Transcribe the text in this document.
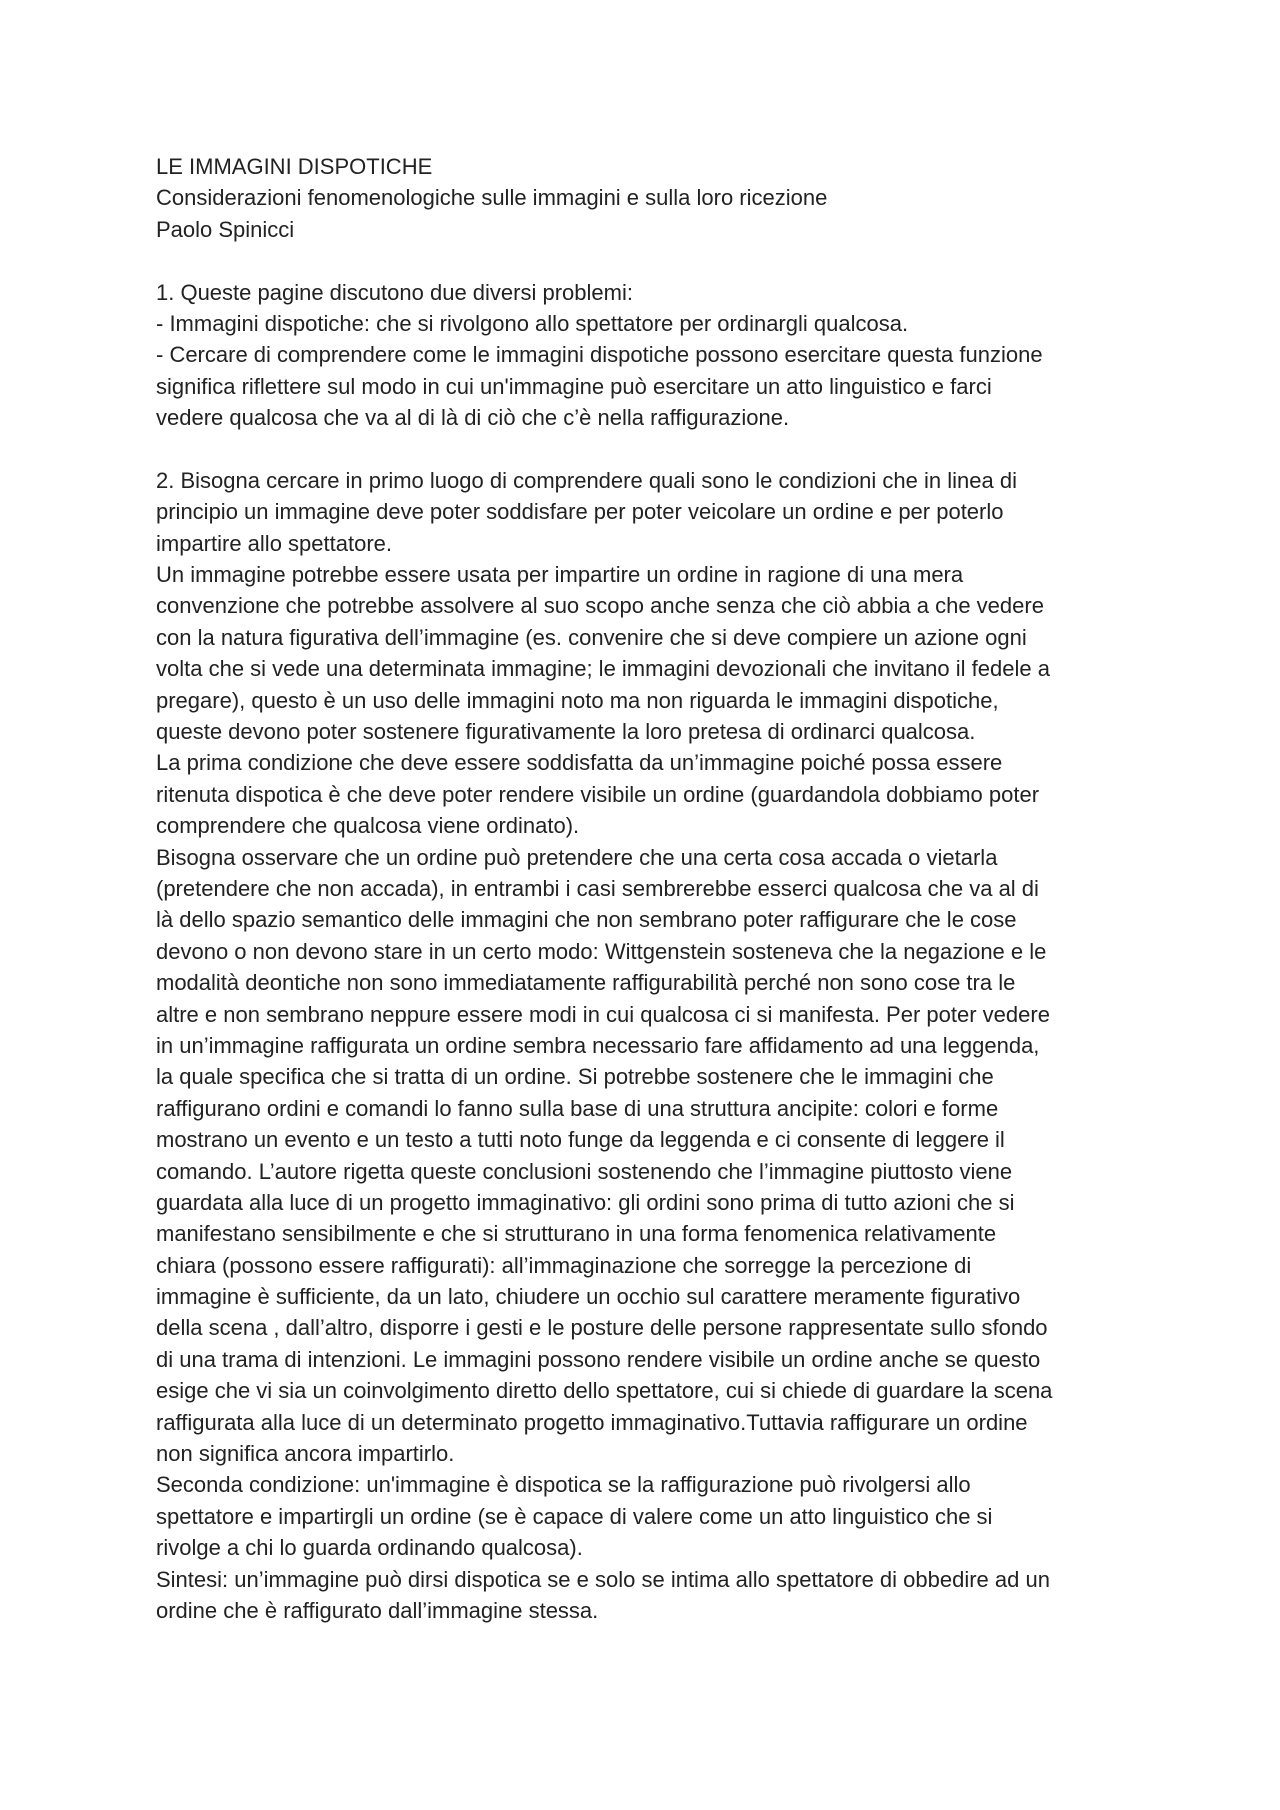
LE IMMAGINI DISPOTICHE
Considerazioni fenomenologiche sulle immagini e sulla loro ricezione
Paolo Spinicci
1. Queste pagine discutono due diversi problemi:
- Immagini dispotiche: che si rivolgono allo spettatore per ordinargli qualcosa.
- Cercare di comprendere come le immagini dispotiche possono esercitare questa funzione
significa riflettere sul modo in cui un'immagine può esercitare un atto linguistico e farci
vedere qualcosa che va al di là di ciò che c’è nella raffigurazione.
2. Bisogna cercare in primo luogo di comprendere quali sono le condizioni che in linea di
principio un immagine deve poter soddisfare per poter veicolare un ordine e per poterlo
impartire allo spettatore.
Un immagine potrebbe essere usata per impartire un ordine in ragione di una mera
convenzione che potrebbe assolvere al suo scopo anche senza che ciò abbia a che vedere
con la natura figurativa dell’immagine (es. convenire che si deve compiere un azione ogni
volta che si vede una determinata immagine; le immagini devozionali che invitano il fedele a
pregare), questo è un uso delle immagini noto ma non riguarda le immagini dispotiche,
queste devono poter sostenere figurativamente la loro pretesa di ordinarci qualcosa.
La prima condizione che deve essere soddisfatta da un’immagine poiché possa essere
ritenuta dispotica è che deve poter rendere visibile un ordine (guardandola dobbiamo poter
comprendere che qualcosa viene ordinato).
Bisogna osservare che un ordine può pretendere che una certa cosa accada o vietarla
(pretendere che non accada), in entrambi i casi sembrerebbe esserci qualcosa che va al di
là dello spazio semantico delle immagini che non sembrano poter raffigurare che le cose
devono o non devono stare in un certo modo: Wittgenstein sosteneva che la negazione e le
modalità deontiche non sono immediatamente raffigurabilità perché non sono cose tra le
altre e non sembrano neppure essere modi in cui qualcosa ci si manifesta. Per poter vedere
in un’immagine raffigurata un ordine sembra necessario fare affidamento ad una leggenda,
la quale specifica che si tratta di un ordine. Si potrebbe sostenere che le immagini che
raffigurano ordini e comandi lo fanno sulla base di una struttura ancipite: colori e forme
mostrano un evento e un testo a tutti noto funge da leggenda e ci consente di leggere il
comando. L’autore rigetta queste conclusioni sostenendo che l’immagine piuttosto viene
guardata alla luce di un progetto immaginativo: gli ordini sono prima di tutto azioni che si
manifestano sensibilmente e che si strutturano in una forma fenomenica relativamente
chiara (possono essere raffigurati): all’immaginazione che sorregge la percezione di
immagine è sufficiente, da un lato, chiudere un occhio sul carattere meramente figurativo
della scena , dall’altro, disporre i gesti e le posture delle persone rappresentate sullo sfondo
di una trama di intenzioni. Le immagini possono rendere visibile un ordine anche se questo
esige che vi sia un coinvolgimento diretto dello spettatore, cui si chiede di guardare la scena
raffigurata alla luce di un determinato progetto immaginativo.Tuttavia raffigurare un ordine
non significa ancora impartirlo.
Seconda condizione: un'immagine è dispotica se la raffigurazione può rivolgersi allo
spettatore e impartirgli un ordine (se è capace di valere come un atto linguistico che si
rivolge a chi lo guarda ordinando qualcosa).
Sintesi: un’immagine può dirsi dispotica se e solo se intima allo spettatore di obbedire ad un
ordine che è raffigurato dall’immagine stessa.
